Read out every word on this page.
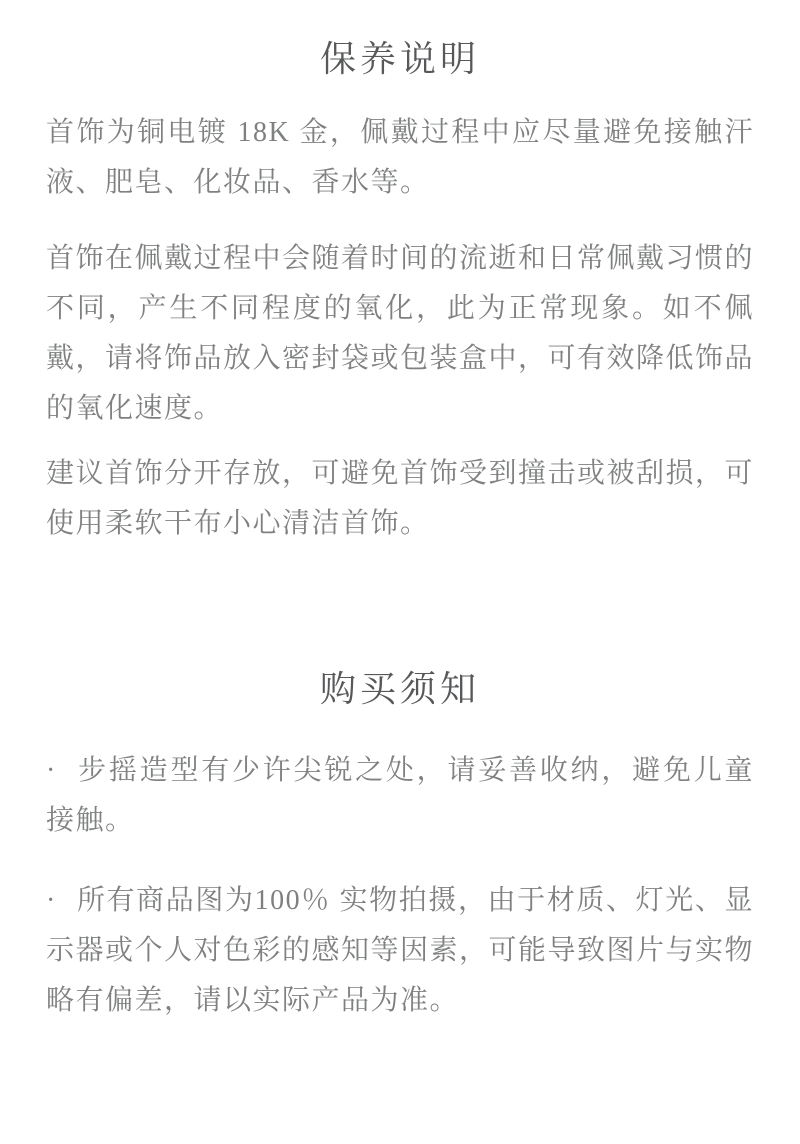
保养说明

首饰为铜电镀 18K 金，佩戴过程中应尽量避免接触汗液、肥皂、化妆品、香水等。

首饰在佩戴过程中会随着时间的流逝和日常佩戴习惯的不同，产生不同程度的氧化，此为正常现象。如不佩戴，请将饰品放入密封袋或包装盒中，可有效降低饰品的氧化速度。

建议首饰分开存放，可避免首饰受到撞击或被刮损，可使用柔软干布小心清洁首饰。

购买须知

· 步摇造型有少许尖锐之处，请妥善收纳，避免儿童接触。

· 所有商品图为100％ 实物拍摄，由于材质、灯光、显示器或个人对色彩的感知等因素，可能导致图片与实物略有偏差，请以实际产品为准。
